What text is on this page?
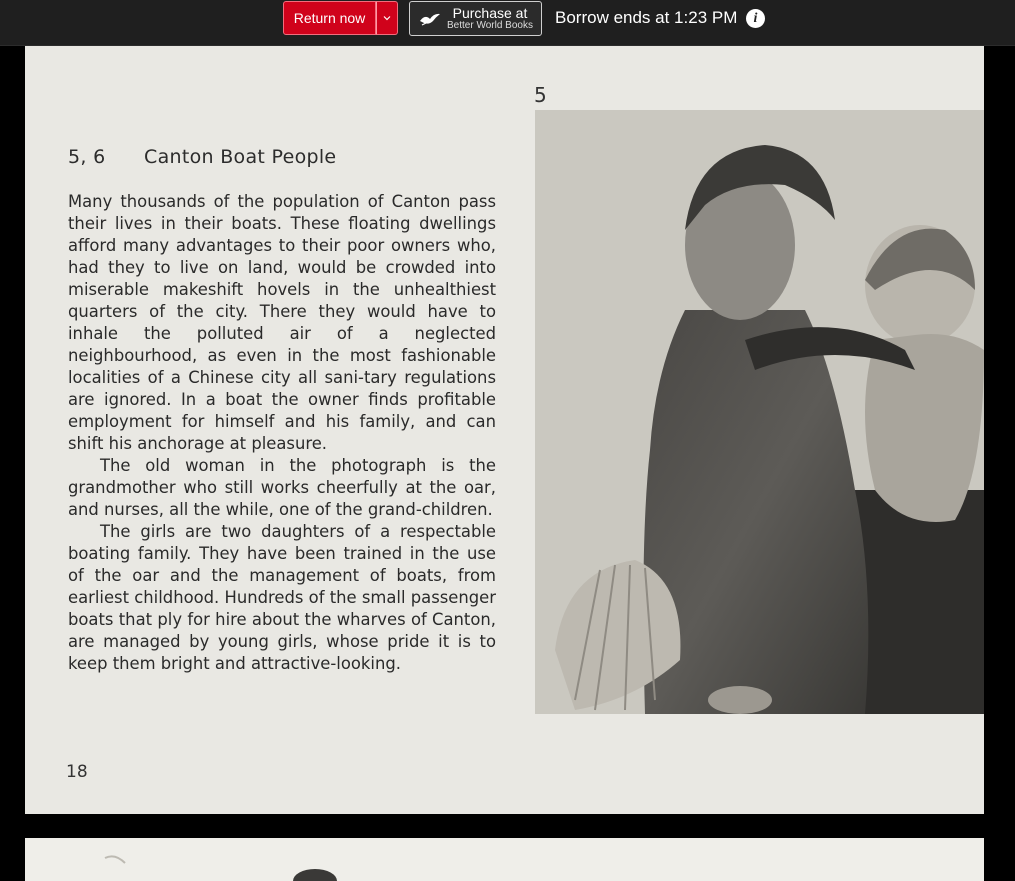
Return now	Purchase at
Better World Books Borrow ends at 1:23 PM	i
5
5, 6 Canton Boat People

Many thousands of the population of Canton pass their lives in their boats. These floating dwellings afford many advantages to their poor owners who, had they to live on land, would be crowded into miserable makeshift hovels in the unhealthiest quarters of the city. There they would have to inhale the polluted air of a neglected neighbourhood, as even in the most fashionable localities of a Chinese city all sani-tary regulations are ignored. In a boat the owner finds profitable employment for himself and his family, and can shift his anchorage at pleasure.

The old woman in the photograph is the grandmother who still works cheerfully at the oar, and nurses, all the while, one of the grand-children.

The girls are two daughters of a respectable boating family. They have been trained in the use of the oar and the management of boats, from earliest childhood. Hundreds of the small passenger boats that ply for hire about the wharves of Canton, are managed by young girls, whose pride it is to keep them bright and attractive-looking.

18
